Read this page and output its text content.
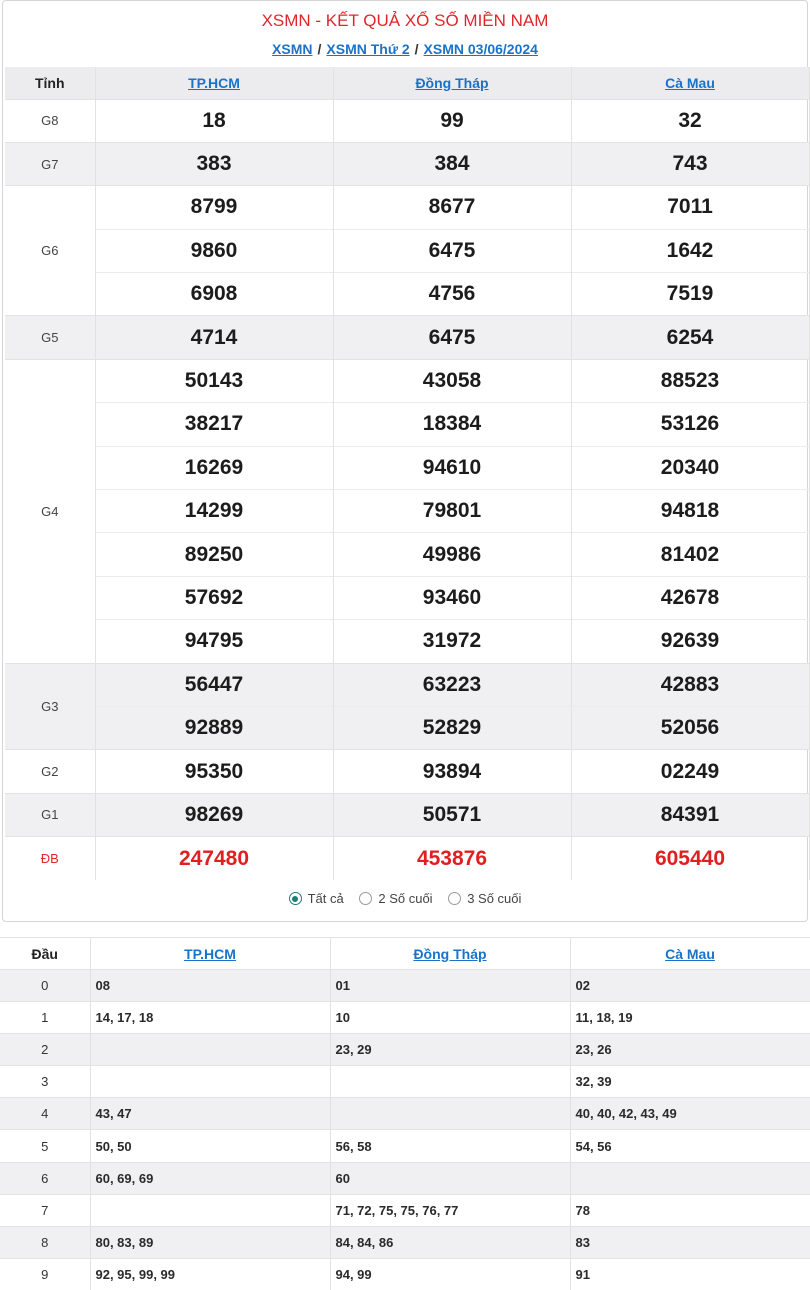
XSMN - KẾT QUẢ XỔ SỐ MIỀN NAM
XSMN / XSMN Thứ 2 / XSMN 03/06/2024
Tỉnh	TP.HCM	Đồng Tháp	Cà Mau
G8	18	99	32
G7	383	384	743
G6	8799	8677	7011
	9860	6475	1642
	6908	4756	7519
G5	4714	6475	6254
G4	50143	43058	88523
	38217	18384	53126
	16269	94610	20340
	14299	79801	94818
	89250	49986	81402
	57692	93460	42678
	94795	31972	92639
G3	56447	63223	42883
	92889	52829	52056
G2	95350	93894	02249
G1	98269	50571	84391
ĐB	247480	453876	605440
Tất cả
	2 Số cuối
	3 Số cuối
Đầu	TP.HCM	Đồng Tháp	Cà Mau
0	08	01	02
1	14, 17, 18	10	11, 18, 19
2		23, 29	23, 26
3			32, 39
4	43, 47		40, 40, 42, 43, 49
5	50, 50	56, 58	54, 56
6	60, 69, 69	60	
7		71, 72, 75, 75, 76, 77	78
8	80, 83, 89	84, 84, 86	83
9	92, 95, 99, 99	94, 99	91
